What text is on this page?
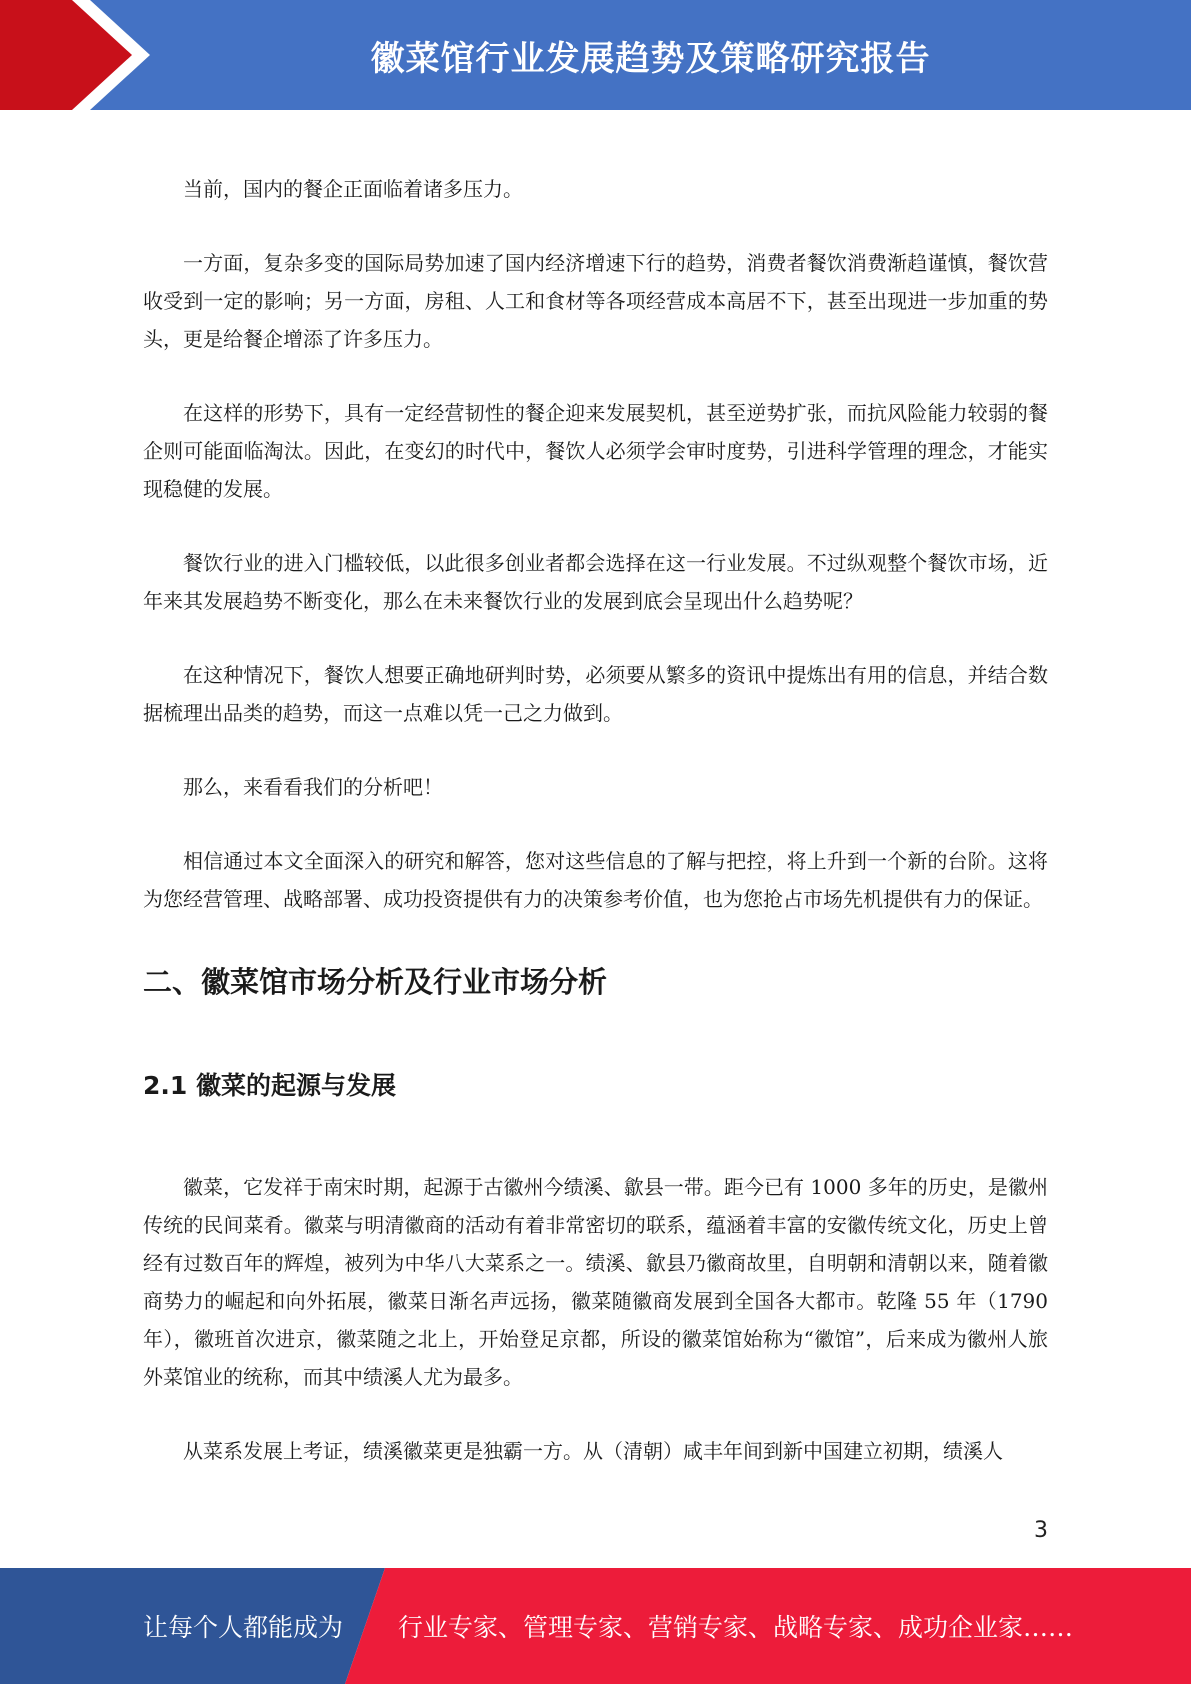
徽菜馆行业发展趋势及策略研究报告

当前，国内的餐企正面临着诸多压力。

一方面，复杂多变的国际局势加速了国内经济增速下行的趋势，消费者餐饮消费渐趋谨慎，餐饮营收受到一定的影响；另一方面，房租、人工和食材等各项经营成本高居不下，甚至出现进一步加重的势头，更是给餐企增添了许多压力。

在这样的形势下，具有一定经营韧性的餐企迎来发展契机，甚至逆势扩张，而抗风险能力较弱的餐企则可能面临淘汰。因此，在变幻的时代中，餐饮人必须学会审时度势，引进科学管理的理念，才能实现稳健的发展。

餐饮行业的进入门槛较低，以此很多创业者都会选择在这一行业发展。不过纵观整个餐饮市场，近年来其发展趋势不断变化，那么在未来餐饮行业的发展到底会呈现出什么趋势呢？

在这种情况下，餐饮人想要正确地研判时势，必须要从繁多的资讯中提炼出有用的信息，并结合数据梳理出品类的趋势，而这一点难以凭一己之力做到。

那么，来看看我们的分析吧！

相信通过本文全面深入的研究和解答，您对这些信息的了解与把控，将上升到一个新的台阶。这将为您经营管理、战略部署、成功投资提供有力的决策参考价值，也为您抢占市场先机提供有力的保证。

二、徽菜馆市场分析及行业市场分析
2.1 徽菜的起源与发展

徽菜，它发祥于南宋时期，起源于古徽州今绩溪、歙县一带。距今已有 1000 多年的历史，是徽州传统的民间菜肴。徽菜与明清徽商的活动有着非常密切的联系，蕴涵着丰富的安徽传统文化，历史上曾经有过数百年的辉煌，被列为中华八大菜系之一。绩溪、歙县乃徽商故里，自明朝和清朝以来，随着徽商势力的崛起和向外拓展，徽菜日渐名声远扬，徽菜随徽商发展到全国各大都市。乾隆 55 年（1790 年），徽班首次进京，徽菜随之北上，开始登足京都，所设的徽菜馆始称为“徽馆”，后来成为徽州人旅外菜馆业的统称，而其中绩溪人尤为最多。

从菜系发展上考证，绩溪徽菜更是独霸一方。从（清朝）咸丰年间到新中国建立初期，绩溪人

3
让每个人都能成为 行业专家、管理专家、营销专家、战略专家、成功企业家……
